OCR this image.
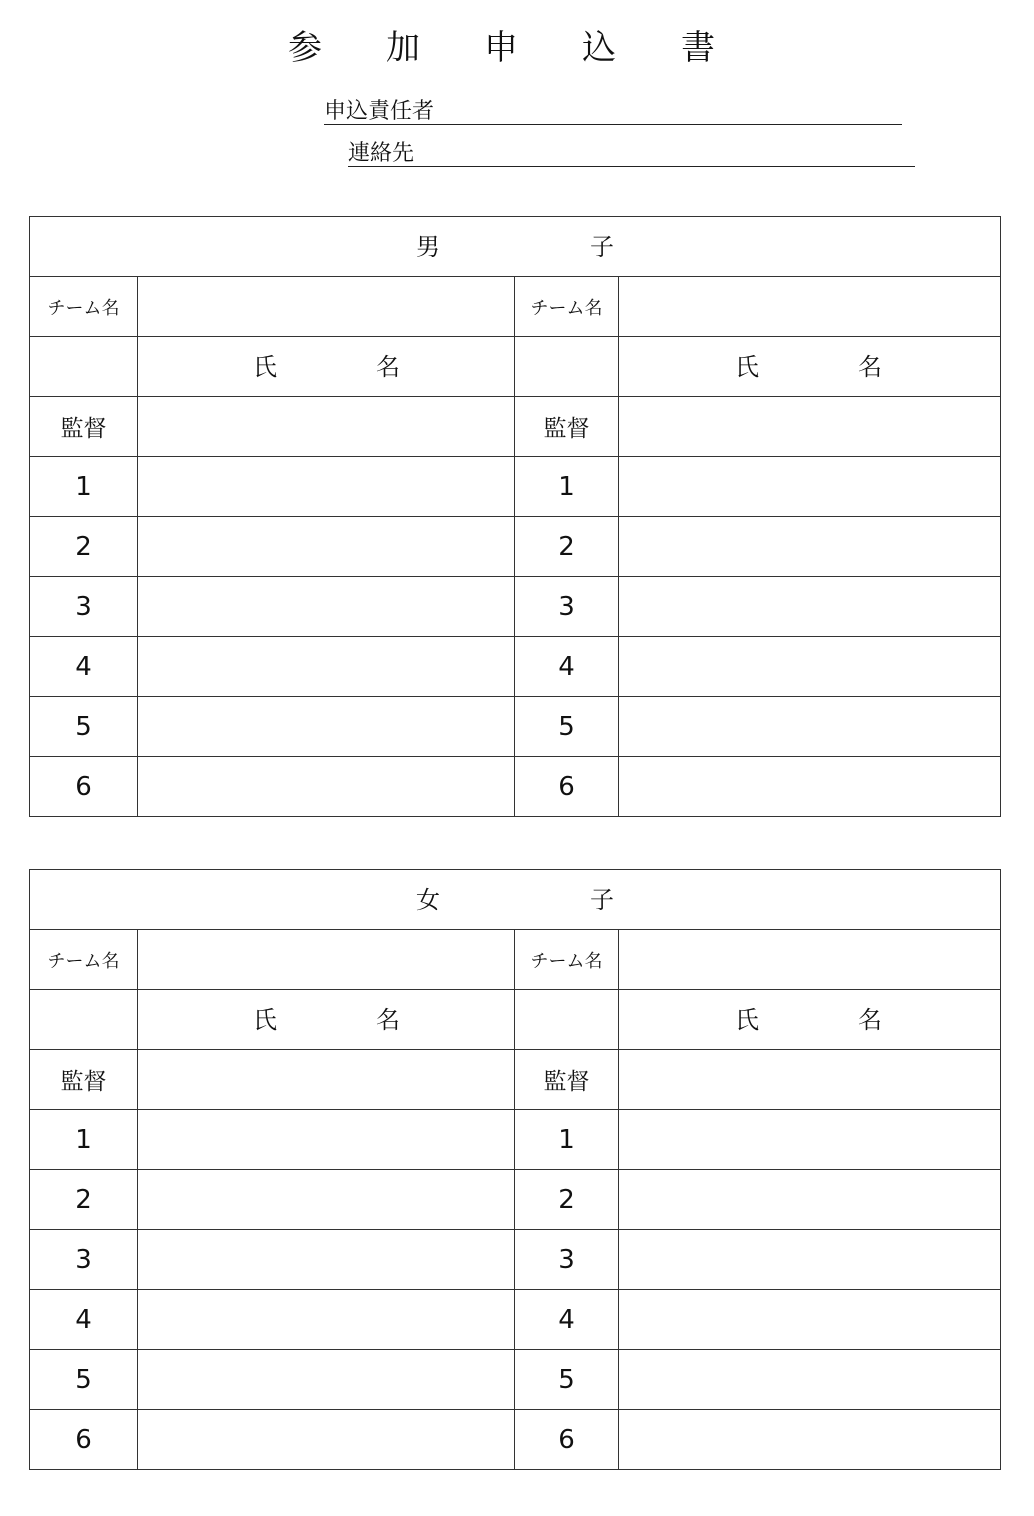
参 加 申 込 書
申込責任者
連絡先
男 子			

チーム名		チーム名	

	氏 名		氏 名

監督		監督	
1		1	
2		2	
3		3	
4		4	
5		5	
6		6	
女 子			

チーム名		チーム名	

	氏 名		氏 名

監督		監督	
1		1	
2		2	
3		3	
4		4	
5		5	
6		6	
